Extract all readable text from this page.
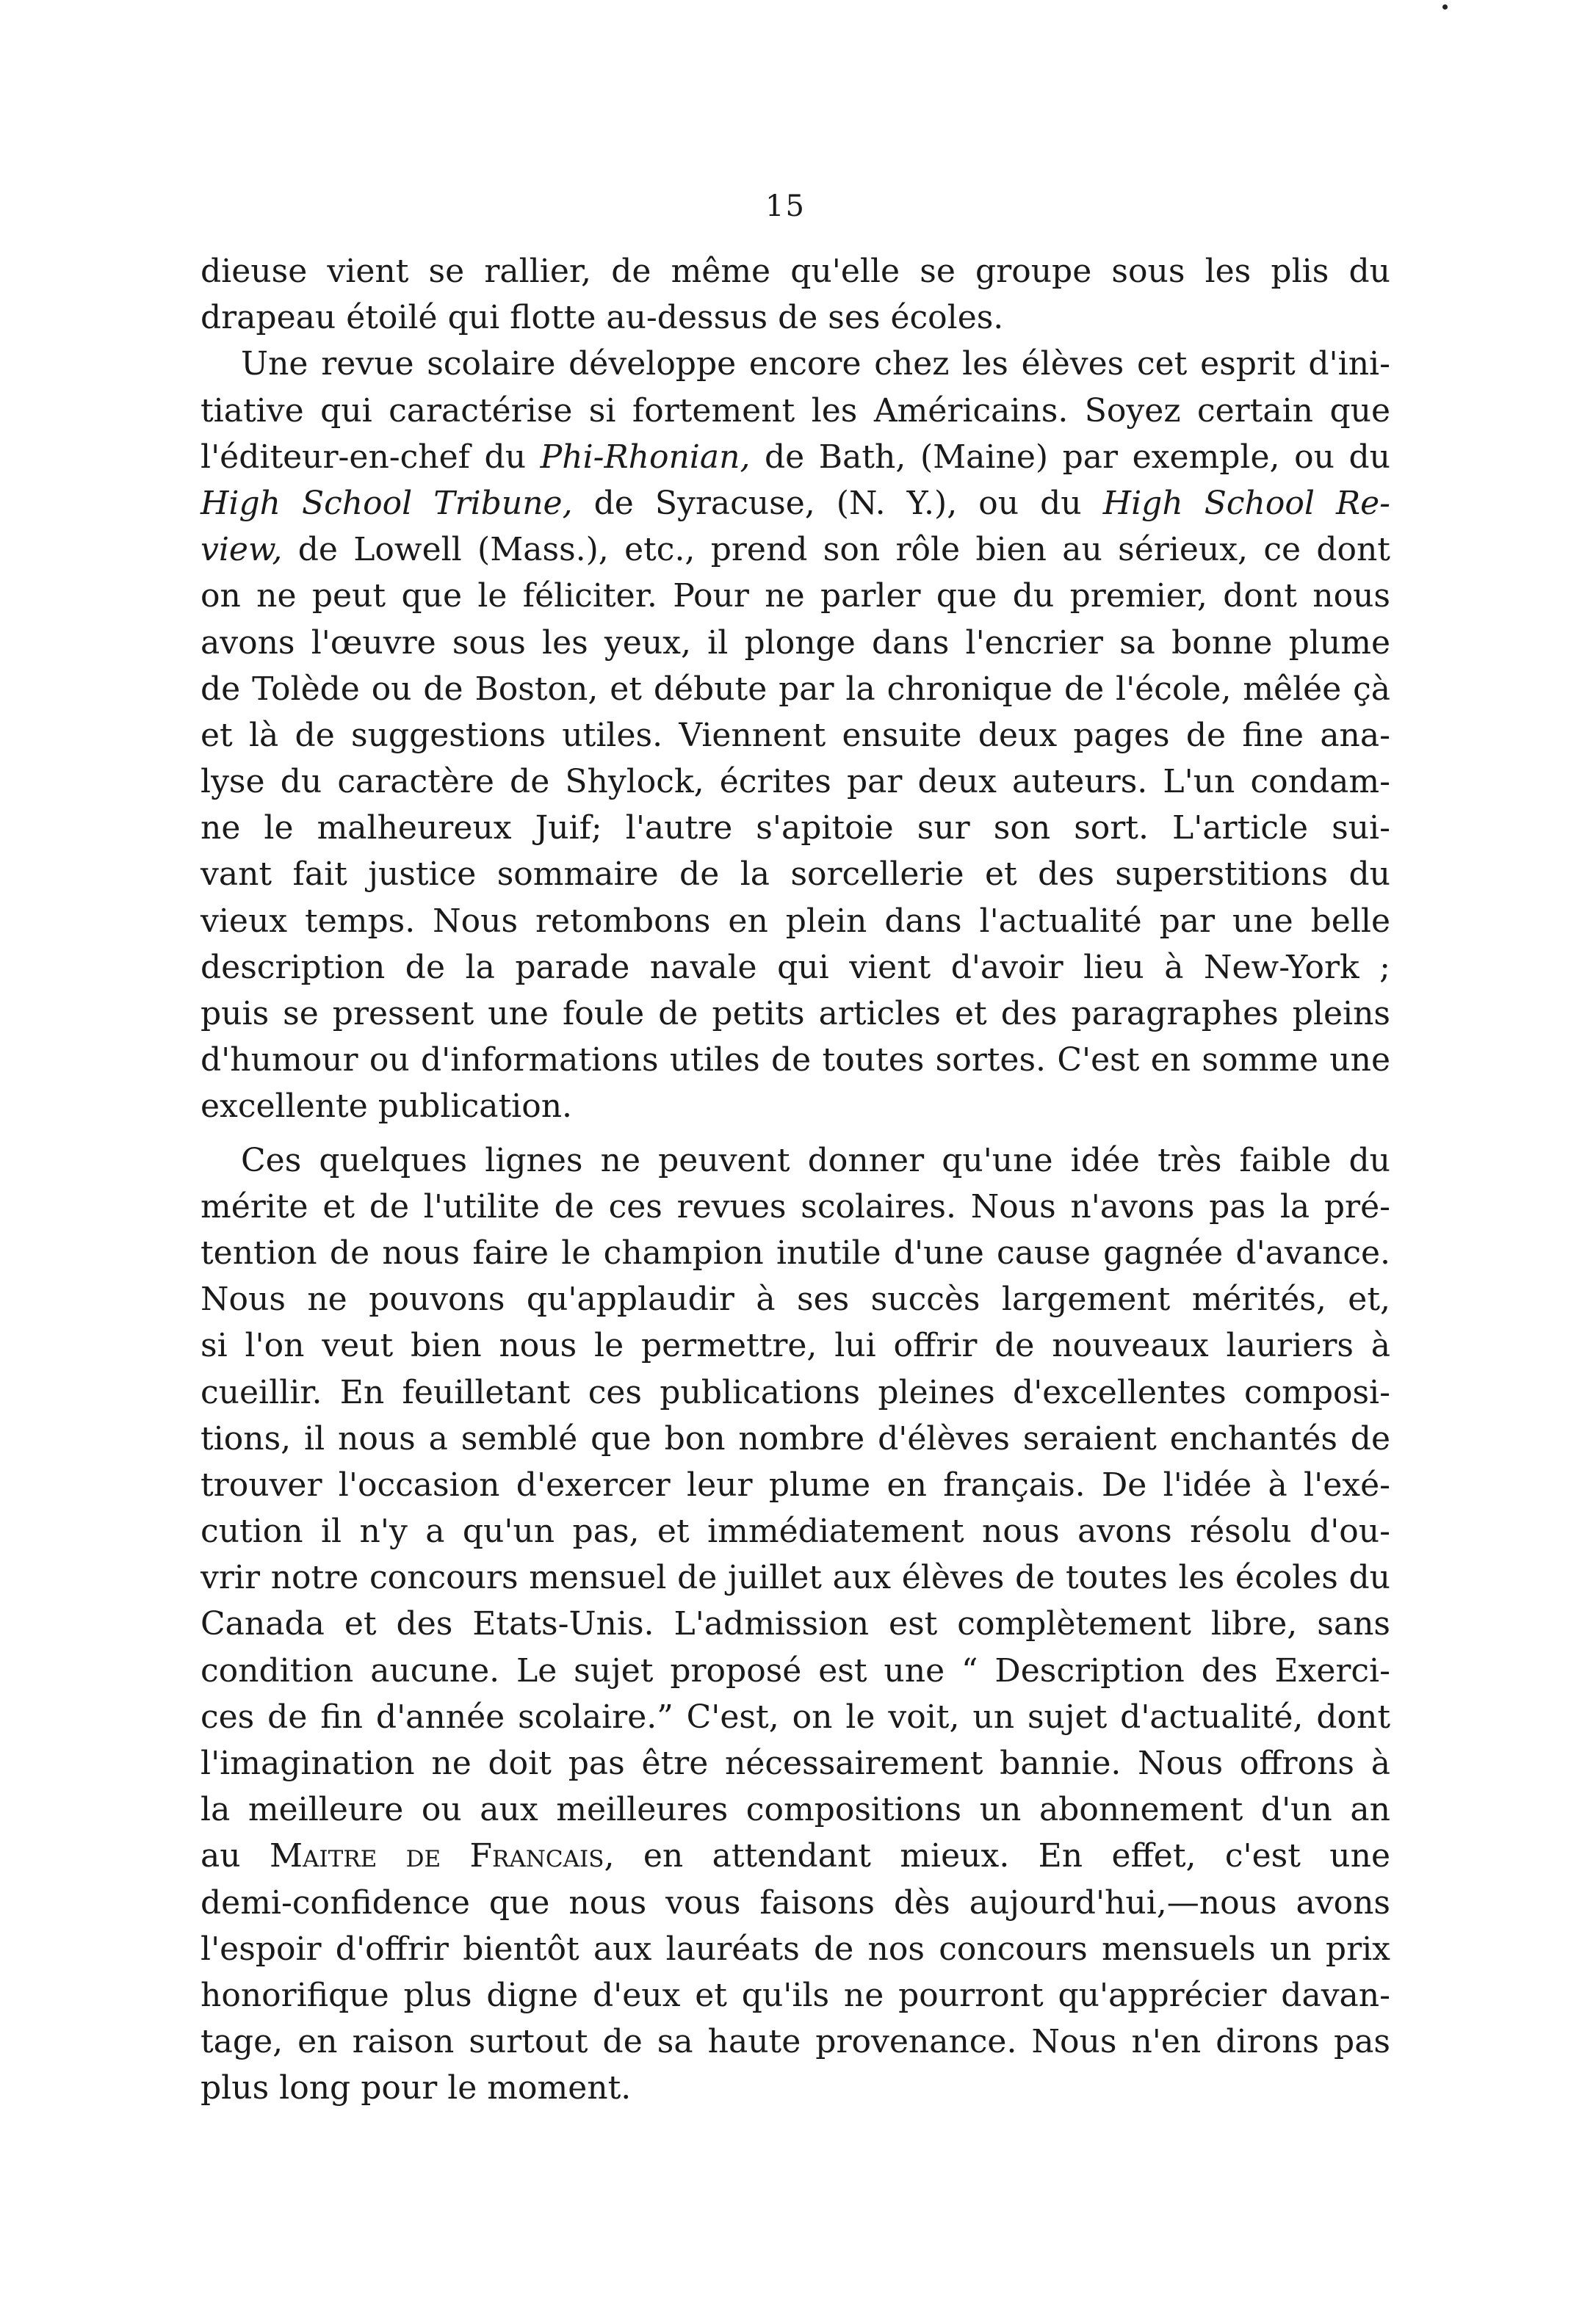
15
dieuse vient se rallier, de même qu'elle se groupe sous les plis du
drapeau étoilé qui flotte au-dessus de ses écoles.
Une revue scolaire développe encore chez les élèves cet esprit d'ini-
tiative qui caractérise si fortement les Américains. Soyez certain que
l'éditeur-en-chef du Phi-Rhonian, de Bath, (Maine) par exemple, ou du
High School Tribune, de Syracuse, (N. Y.), ou du High School Re-
view, de Lowell (Mass.), etc., prend son rôle bien au sérieux, ce dont
on ne peut que le féliciter. Pour ne parler que du premier, dont nous
avons l'œuvre sous les yeux, il plonge dans l'encrier sa bonne plume
de Tolède ou de Boston, et débute par la chronique de l'école, mêlée çà
et là de suggestions utiles. Viennent ensuite deux pages de fine ana-
lyse du caractère de Shylock, écrites par deux auteurs. L'un condam-
ne le malheureux Juif; l'autre s'apitoie sur son sort. L'article sui-
vant fait justice sommaire de la sorcellerie et des superstitions du
vieux temps. Nous retombons en plein dans l'actualité par une belle
description de la parade navale qui vient d'avoir lieu à New-York ;
puis se pressent une foule de petits articles et des paragraphes pleins
d'humour ou d'informations utiles de toutes sortes. C'est en somme une
excellente publication.
Ces quelques lignes ne peuvent donner qu'une idée très faible du
mérite et de l'utilite de ces revues scolaires. Nous n'avons pas la pré-
tention de nous faire le champion inutile d'une cause gagnée d'avance.
Nous ne pouvons qu'applaudir à ses succès largement mérités, et,
si l'on veut bien nous le permettre, lui offrir de nouveaux lauriers à
cueillir. En feuilletant ces publications pleines d'excellentes composi-
tions, il nous a semblé que bon nombre d'élèves seraient enchantés de
trouver l'occasion d'exercer leur plume en français. De l'idée à l'exé-
cution il n'y a qu'un pas, et immédiatement nous avons résolu d'ou-
vrir notre concours mensuel de juillet aux élèves de toutes les écoles du
Canada et des Etats-Unis. L'admission est complètement libre, sans
condition aucune. Le sujet proposé est une “ Description des Exerci-
ces de fin d'année scolaire.” C'est, on le voit, un sujet d'actualité, dont
l'imagination ne doit pas être nécessairement bannie. Nous offrons à
la meilleure ou aux meilleures compositions un abonnement d'un an
au Maitre de Francais, en attendant mieux. En effet, c'est une
demi-confidence que nous vous faisons dès aujourd'hui,—nous avons
l'espoir d'offrir bientôt aux lauréats de nos concours mensuels un prix
honorifique plus digne d'eux et qu'ils ne pourront qu'apprécier davan-
tage, en raison surtout de sa haute provenance. Nous n'en dirons pas
plus long pour le moment.
